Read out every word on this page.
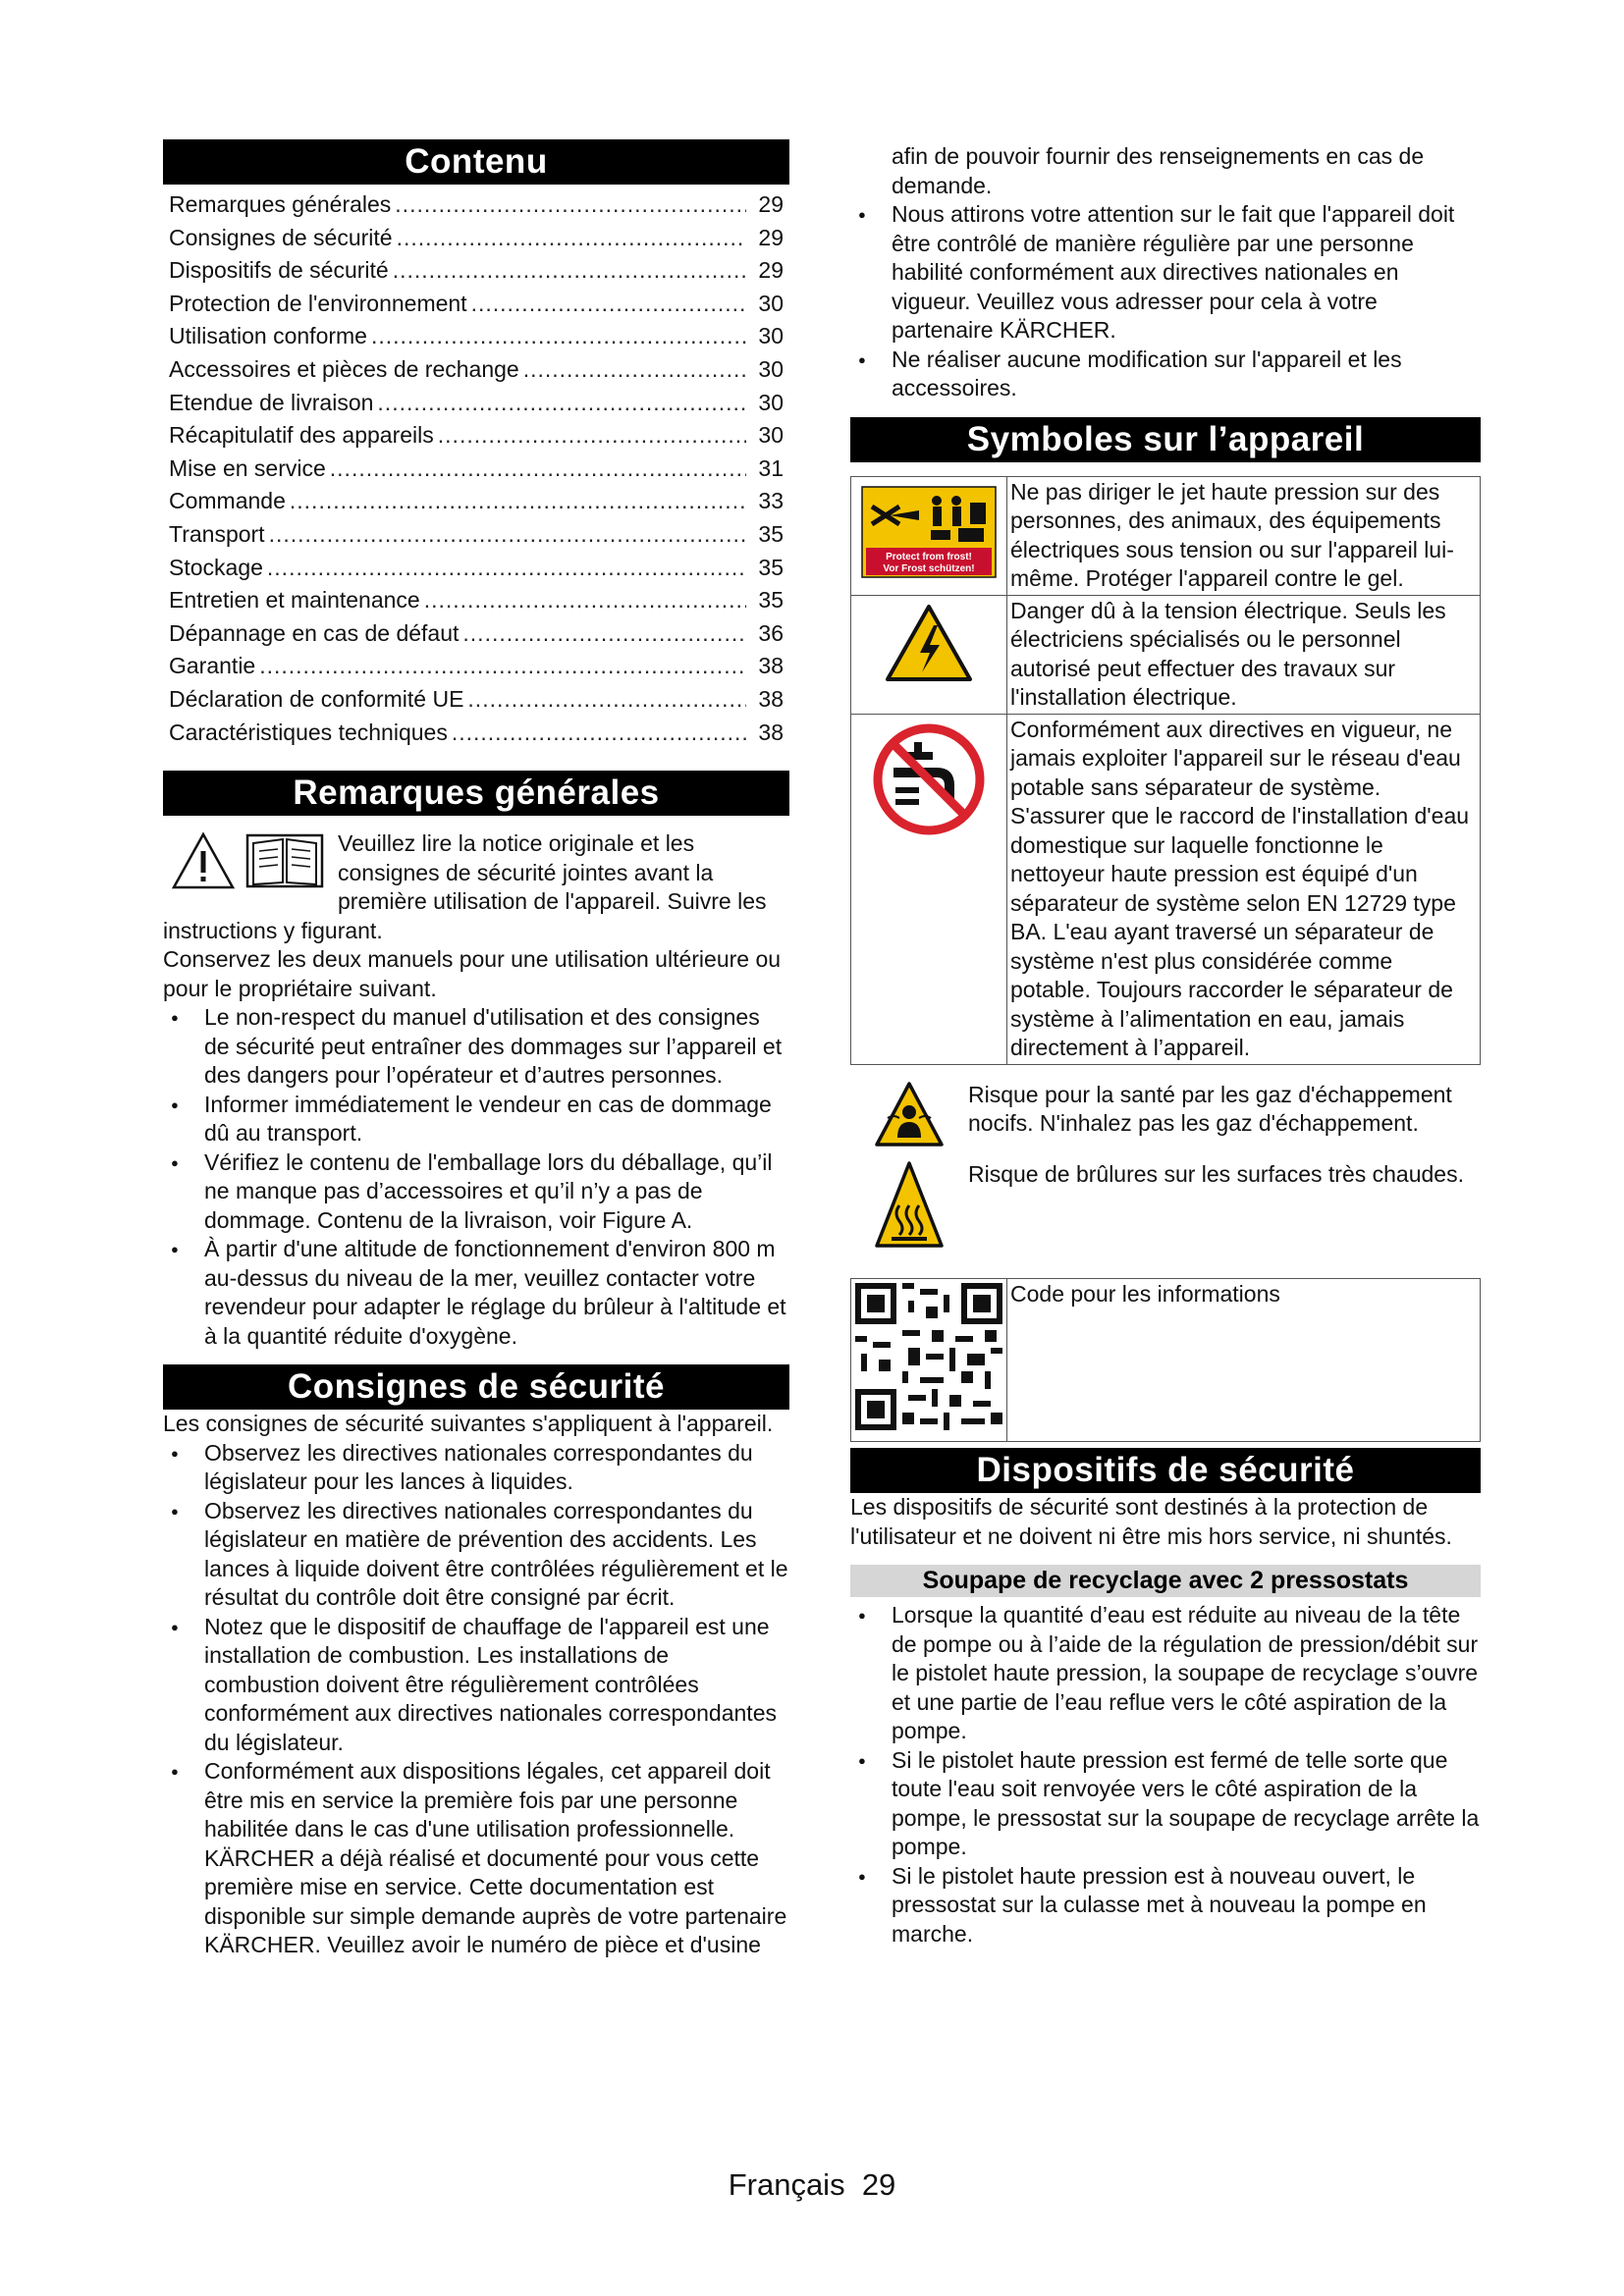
Contenu
Remarques générales .....	29
Consignes de sécurité .....	29
Dispositifs de sécurité .....	29
Protection de l'environnement .....	30
Utilisation conforme .....	30
Accessoires et pièces de rechange .....	30
Etendue de livraison .....	30
Récapitulatif des appareils .....	30
Mise en service .....	31
Commande .....	33
Transport .....	35
Stockage .....	35
Entretien et maintenance .....	35
Dépannage en cas de défaut .....	36
Garantie .....	38
Déclaration de conformité UE .....	38
Caractéristiques techniques .....	38
Remarques générales

Veuillez lire la notice originale et les consignes de sécurité jointes avant la première utilisation de l'appareil. Suivre les instructions y figurant.

Conservez les deux manuels pour une utilisation ultérieure ou pour le propriétaire suivant.

● Le non-respect du manuel d'utilisation et des consignes de sécurité peut entraîner des dommages sur l’appareil et des dangers pour l’opérateur et d’autres personnes.
● Informer immédiatement le vendeur en cas de dommage dû au transport.
● Vérifiez le contenu de l'emballage lors du déballage, qu’il ne manque pas d’accessoires et qu’il n’y a pas de dommage. Contenu de la livraison, voir Figure A.
● À partir d'une altitude de fonctionnement d'environ 800 m au-dessus du niveau de la mer, veuillez contacter votre revendeur pour adapter le réglage du brûleur à l'altitude et à la quantité réduite d'oxygène.
Consignes de sécurité

Les consignes de sécurité suivantes s'appliquent à l'appareil.

● Observez les directives nationales correspondantes du législateur pour les lances à liquides.
● Observez les directives nationales correspondantes du législateur en matière de prévention des accidents. Les lances à liquide doivent être contrôlées régulièrement et le résultat du contrôle doit être consigné par écrit.
● Notez que le dispositif de chauffage de l'appareil est une installation de combustion. Les installations de combustion doivent être régulièrement contrôlées conformément aux directives nationales correspondantes du législateur.
● Conformément aux dispositions légales, cet appareil doit être mis en service la première fois par une personne habilitée dans le cas d'une utilisation professionnelle. KÄRCHER a déjà réalisé et documenté pour vous cette première mise en service. Cette documentation est disponible sur simple demande auprès de votre partenaire KÄRCHER. Veuillez avoir le numéro de pièce et d'usine

afin de pouvoir fournir des renseignements en cas de demande.

● Nous attirons votre attention sur le fait que l'appareil doit être contrôlé de manière régulière par une personne habilité conformément aux directives nationales en vigueur. Veuillez vous adresser pour cela à votre partenaire KÄRCHER.
● Ne réaliser aucune modification sur l'appareil et les accessoires.
Symboles sur l’appareil
Protect from frost!
Vor Frost schützen!	Ne pas diriger le jet haute pression sur des personnes, des animaux, des équipements électriques sous tension ou sur l'appareil lui-même. Protéger l'appareil contre le gel.
	Danger dû à la tension électrique. Seuls les électriciens spécialisés ou le personnel autorisé peut effectuer des travaux sur l'installation électrique.
	Conformément aux directives en vigueur, ne jamais exploiter l'appareil sur le réseau d'eau potable sans séparateur de système. S'assurer que le raccord de l'installation d'eau domestique sur laquelle fonctionne le nettoyeur haute pression est équipé d'un séparateur de système selon EN 12729 type BA. L'eau ayant traversé un séparateur de système n'est plus considérée comme potable. Toujours raccorder le séparateur de système à l’alimentation en eau, jamais directement à l’appareil.
Risque pour la santé par les gaz d'échappement nocifs. N'inhalez pas les gaz d'échappement.
Risque de brûlures sur les surfaces très chaudes.
	Code pour les informations
Dispositifs de sécurité

Les dispositifs de sécurité sont destinés à la protection de l'utilisateur et ne doivent ni être mis hors service, ni shuntés.

Soupape de recyclage avec 2 pressostats
● Lorsque la quantité d’eau est réduite au niveau de la tête de pompe ou à l’aide de la régulation de pression/débit sur le pistolet haute pression, la soupape de recyclage s’ouvre et une partie de l’eau reflue vers le côté aspiration de la pompe.
● Si le pistolet haute pression est fermé de telle sorte que toute l'eau soit renvoyée vers le côté aspiration de la pompe, le pressostat sur la soupape de recyclage arrête la pompe.
● Si le pistolet haute pression est à nouveau ouvert, le pressostat sur la culasse met à nouveau la pompe en marche.
Français 29
